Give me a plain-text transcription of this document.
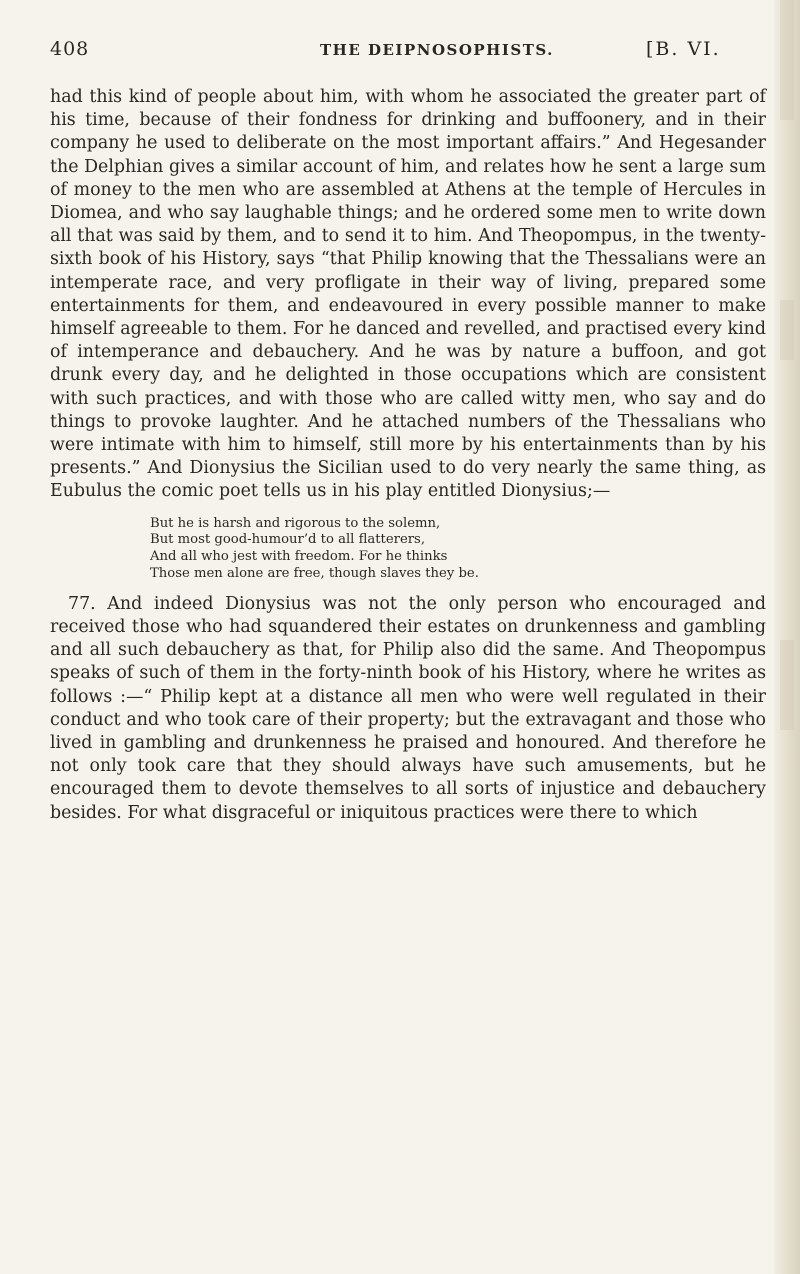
408	THE DEIPNOSOPHISTS.	[B. VI.

had this kind of people about him, with whom he associated the greater part of his time, because of their fondness for drinking and buffoonery, and in their company he used to deliberate on the most important affairs.” And Hegesander the Delphian gives a similar account of him, and relates how he sent a large sum of money to the men who are assembled at Athens at the temple of Hercules in Diomea, and who say laughable things; and he ordered some men to write down all that was said by them, and to send it to him. And Theopompus, in the twenty-sixth book of his History, says “that Philip knowing that the Thessalians were an intemperate race, and very profligate in their way of living, prepared some entertainments for them, and endeavoured in every possible manner to make himself agreeable to them. For he danced and revelled, and practised every kind of intemperance and debauchery. And he was by nature a buffoon, and got drunk every day, and he delighted in those occupations which are consistent with such practices, and with those who are called witty men, who say and do things to provoke laughter. And he attached numbers of the Thessalians who were intimate with him to himself, still more by his entertainments than by his presents.” And Dionysius the Sicilian used to do very nearly the same thing, as Eubulus the comic poet tells us in his play entitled Dionysius;—

But he is harsh and rigorous to the solemn,

But most good-humour’d to all flatterers,

And all who jest with freedom. For he thinks

Those men alone are free, though slaves they be.

77. And indeed Dionysius was not the only person who encouraged and received those who had squandered their estates on drunkenness and gambling and all such debauchery as that, for Philip also did the same. And Theopompus speaks of such of them in the forty-ninth book of his History, where he writes as follows :—“ Philip kept at a distance all men who were well regulated in their conduct and who took care of their property; but the extravagant and those who lived in gambling and drunkenness he praised and honoured. And therefore he not only took care that they should always have such amusements, but he encouraged them to devote themselves to all sorts of injustice and debauchery besides. For what disgraceful or iniquitous practices were there to which
